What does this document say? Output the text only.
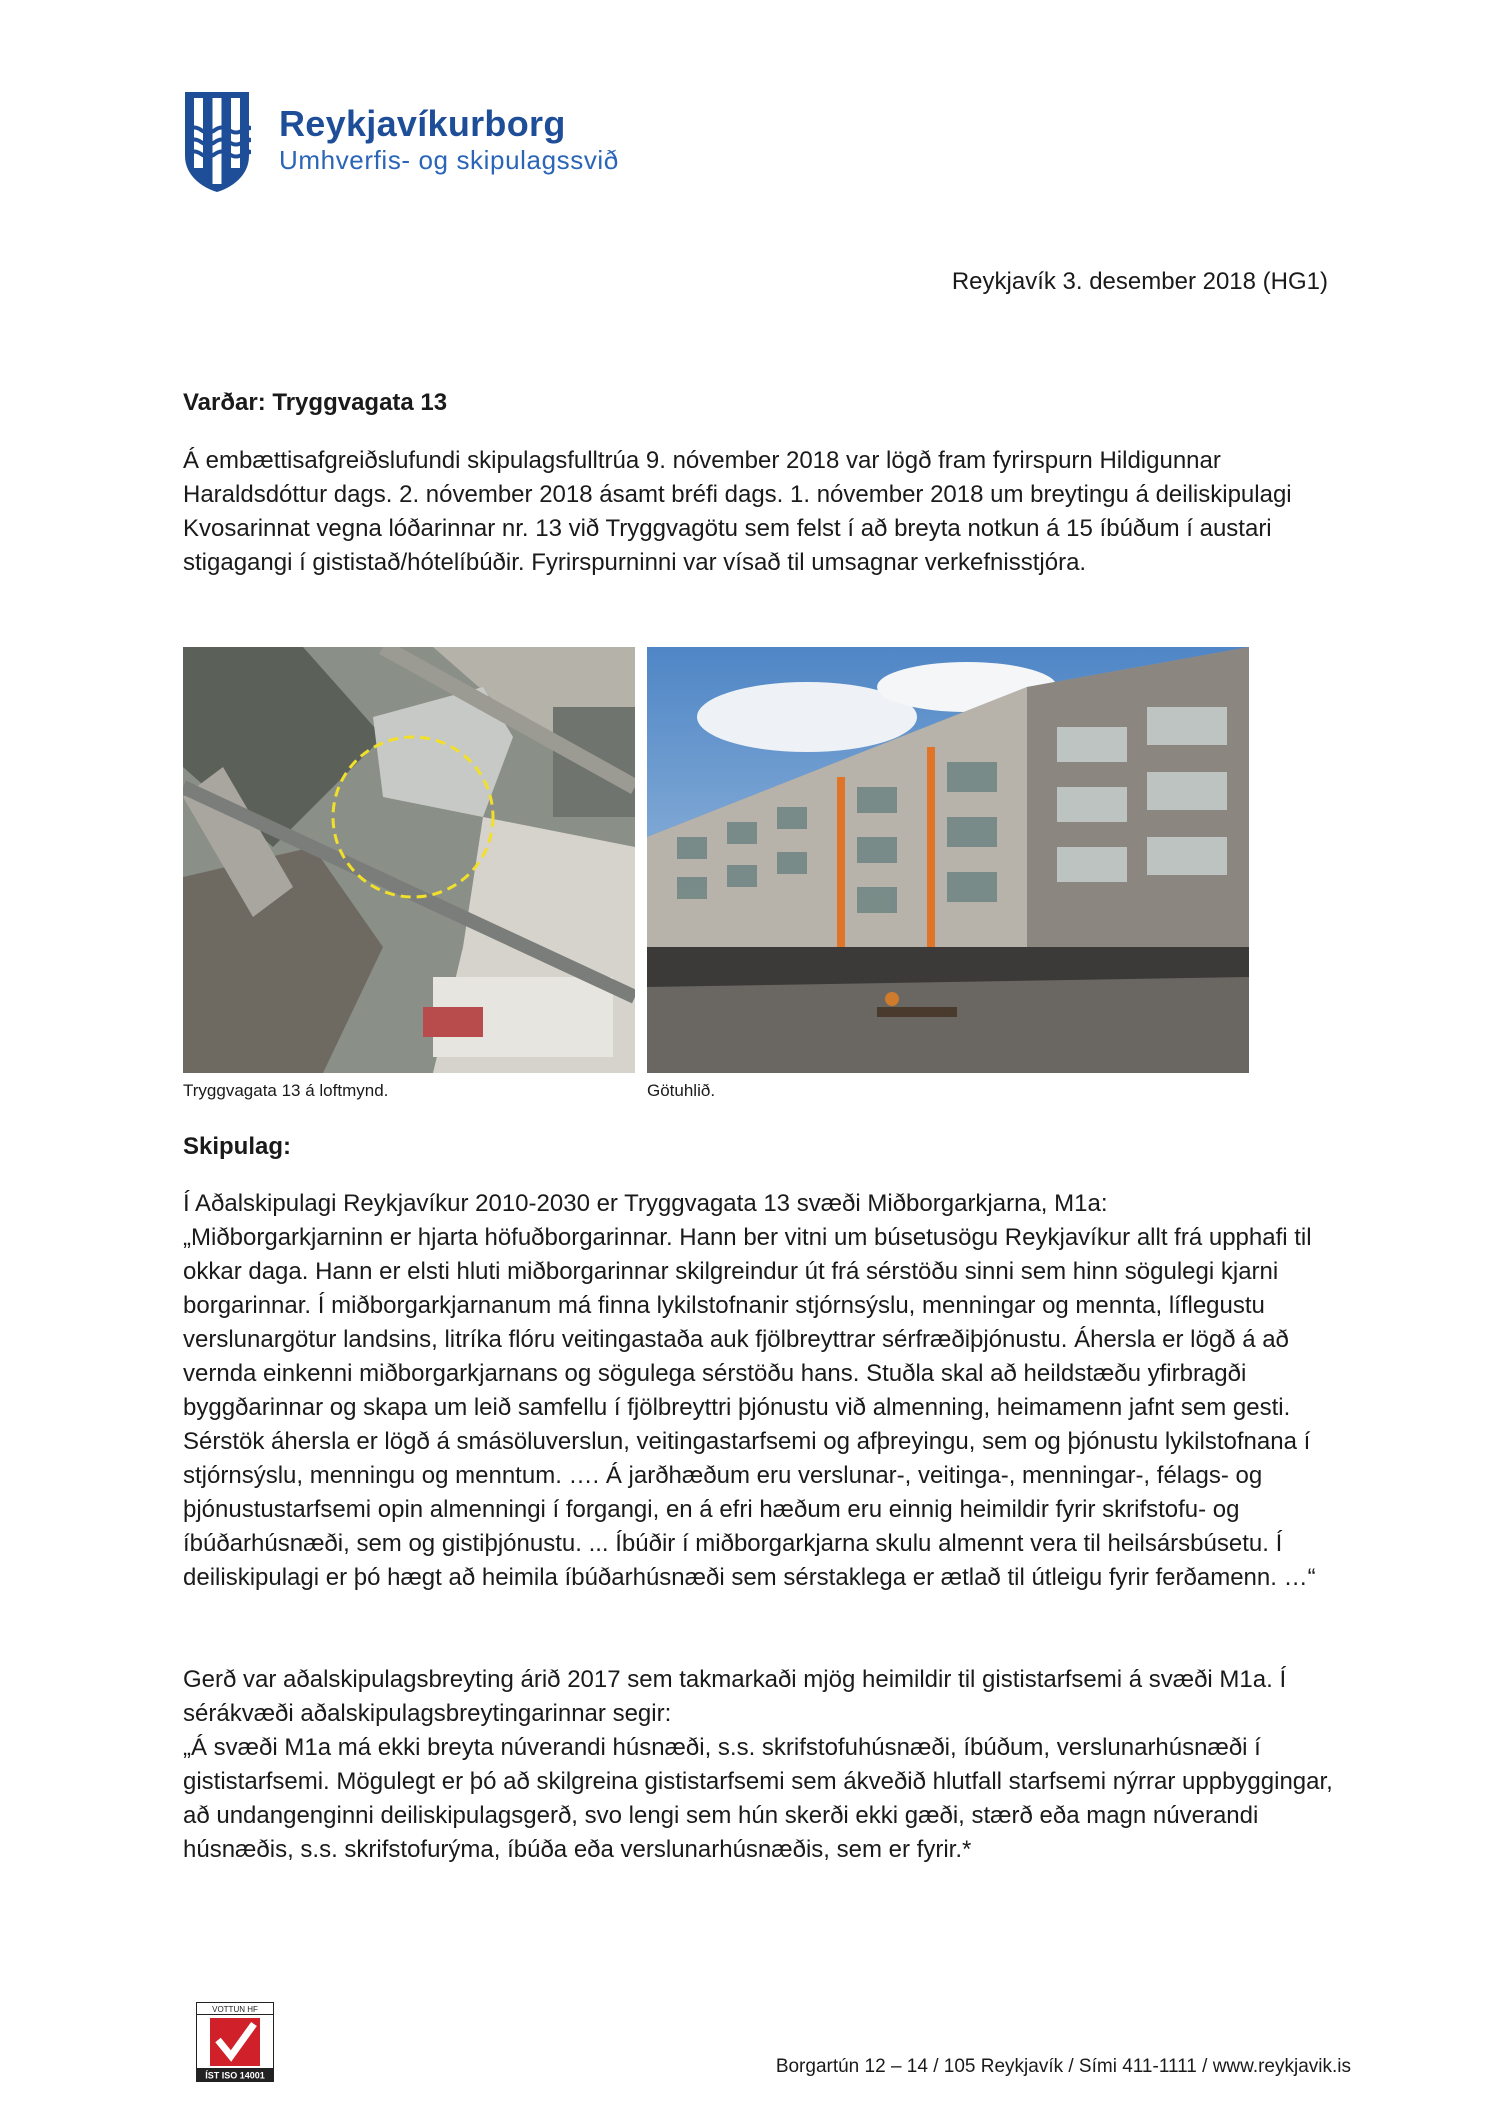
Reykjavíkurborg
Umhverfis- og skipulagssvið
Reykjavík 3. desember 2018 (HG1)
Varðar: Tryggvagata 13
Á embættisafgreiðslufundi skipulagsfulltrúa 9. nóvember 2018 var lögð fram fyrirspurn Hildigunnar Haraldsdóttur dags. 2. nóvember 2018 ásamt bréfi dags. 1. nóvember 2018 um breytingu á deiliskipulagi Kvosarinnat vegna lóðarinnar nr. 13 við Tryggvagötu sem felst í að breyta notkun á 15 íbúðum í austari stigagangi í gististað/hótelíbúðir. Fyrirspurninni var vísað til umsagnar verkefnisstjóra.
Tryggvagata 13 á loftmynd.	Götuhlið.
Skipulag:

Í Aðalskipulagi Reykjavíkur 2010-2030 er Tryggvagata 13 svæði Miðborgarkjarna, M1a:

„Miðborgarkjarninn er hjarta höfuðborgarinnar. Hann ber vitni um búsetusögu Reykjavíkur allt frá upphafi til okkar daga. Hann er elsti hluti miðborgarinnar skilgreindur út frá sérstöðu sinni sem hinn sögulegi kjarni borgarinnar. Í miðborgarkjarnanum má finna lykilstofnanir stjórnsýslu, menningar og mennta, líflegustu verslunargötur landsins, litríka flóru veitingastaða auk fjölbreyttrar sérfræðiþjónustu. Áhersla er lögð á að vernda einkenni miðborgarkjarnans og sögulega sérstöðu hans. Stuðla skal að heildstæðu yfirbragði byggðarinnar og skapa um leið samfellu í fjölbreyttri þjónustu við almenning, heimamenn jafnt sem gesti. Sérstök áhersla er lögð á smásöluverslun, veitingastarfsemi og afþreyingu, sem og þjónustu lykilstofnana í stjórnsýslu, menningu og menntum. …. Á jarðhæðum eru verslunar-, veitinga-, menningar-, félags- og þjónustustarfsemi opin almenningi í forgangi, en á efri hæðum eru einnig heimildir fyrir skrifstofu- og íbúðarhúsnæði, sem og gistiþjónustu. ... Íbúðir í miðborgarkjarna skulu almennt vera til heilsársbúsetu. Í deiliskipulagi er þó hægt að heimila íbúðarhúsnæði sem sérstaklega er ætlað til útleigu fyrir ferðamenn. …“

Gerð var aðalskipulagsbreyting árið 2017 sem takmarkaði mjög heimildir til gististarfsemi á svæði M1a. Í sérákvæði aðalskipulagsbreytingarinnar segir:

„Á svæði M1a má ekki breyta núverandi húsnæði, s.s. skrifstofuhúsnæði, íbúðum, verslunarhúsnæði í gististarfsemi. Mögulegt er þó að skilgreina gististarfsemi sem ákveðið hlutfall starfsemi nýrrar uppbyggingar, að undangenginni deiliskipulagsgerð, svo lengi sem hún skerði ekki gæði, stærð eða magn núverandi húsnæðis, s.s. skrifstofurýma, íbúða eða verslunarhúsnæðis, sem er fyrir.*

VOTTUN HF
ÍST ISO 14001	Borgartún 12 – 14 / 105 Reykjavík / Sími 411-1111 / www.reykjavik.is
